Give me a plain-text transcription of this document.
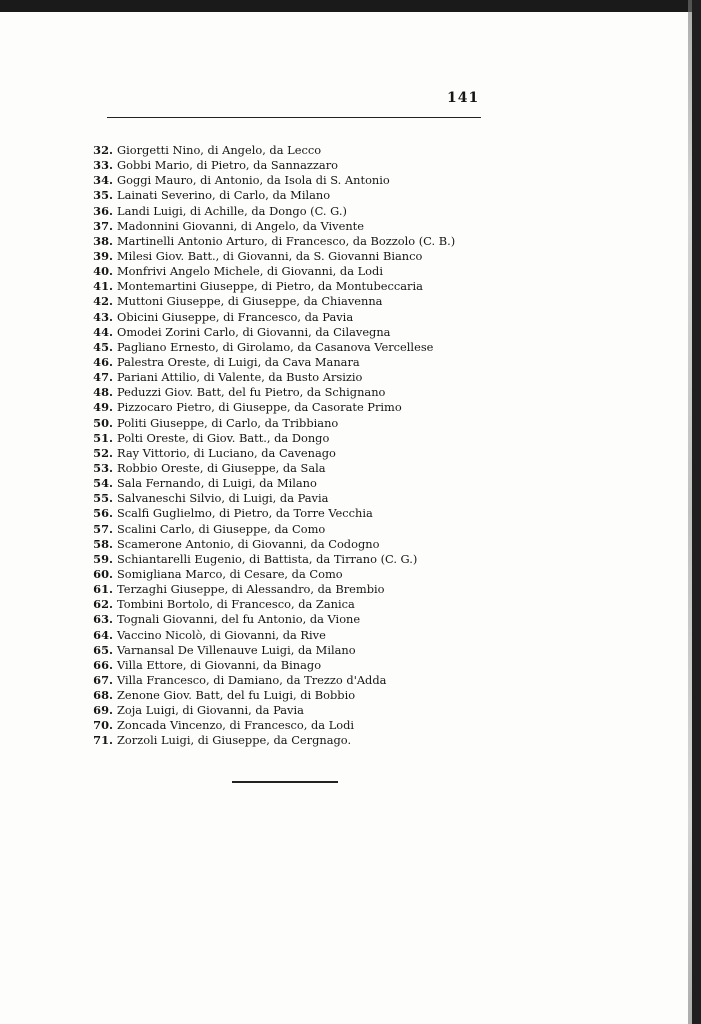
141
32. Giorgetti Nino, di Angelo, da Lecco
33. Gobbi Mario, di Pietro, da Sannazzaro
34. Goggi Mauro, di Antonio, da Isola di S. Antonio
35. Lainati Severino, di Carlo, da Milano
36. Landi Luigi, di Achille, da Dongo (C. G.)
37. Madonnini Giovanni, di Angelo, da Vivente
38. Martinelli Antonio Arturo, di Francesco, da Bozzolo (C. B.)
39. Milesi Giov. Batt., di Giovanni, da S. Giovanni Bianco
40. Monfrivi Angelo Michele, di Giovanni, da Lodi
41. Montemartini Giuseppe, di Pietro, da Montubeccaria
42. Muttoni Giuseppe, di Giuseppe, da Chiavenna
43. Obicini Giuseppe, di Francesco, da Pavia
44. Omodei Zorini Carlo, di Giovanni, da Cilavegna
45. Pagliano Ernesto, di Girolamo, da Casanova Vercellese
46. Palestra Oreste, di Luigi, da Cava Manara
47. Pariani Attilio, di Valente, da Busto Arsizio
48. Peduzzi Giov. Batt, del fu Pietro, da Schignano
49. Pizzocaro Pietro, di Giuseppe, da Casorate Primo
50. Politi Giuseppe, di Carlo, da Tribbiano
51. Polti Oreste, di Giov. Batt., da Dongo
52. Ray Vittorio, di Luciano, da Cavenago
53. Robbio Oreste, di Giuseppe, da Sala
54. Sala Fernando, di Luigi, da Milano
55. Salvaneschi Silvio, di Luigi, da Pavia
56. Scalfi Guglielmo, di Pietro, da Torre Vecchia
57. Scalini Carlo, di Giuseppe, da Como
58. Scamerone Antonio, di Giovanni, da Codogno
59. Schiantarelli Eugenio, di Battista, da Tirrano (C. G.)
60. Somigliana Marco, di Cesare, da Como
61. Terzaghi Giuseppe, di Alessandro, da Brembio
62. Tombini Bortolo, di Francesco, da Zanica
63. Tognali Giovanni, del fu Antonio, da Vione
64. Vaccino Nicolò, di Giovanni, da Rive
65. Varnansal De Villenauve Luigi, da Milano
66. Villa Ettore, di Giovanni, da Binago
67. Villa Francesco, di Damiano, da Trezzo d'Adda
68. Zenone Giov. Batt, del fu Luigi, di Bobbio
69. Zoja Luigi, di Giovanni, da Pavia
70. Zoncada Vincenzo, di Francesco, da Lodi
71. Zorzoli Luigi, di Giuseppe, da Cergnago.
